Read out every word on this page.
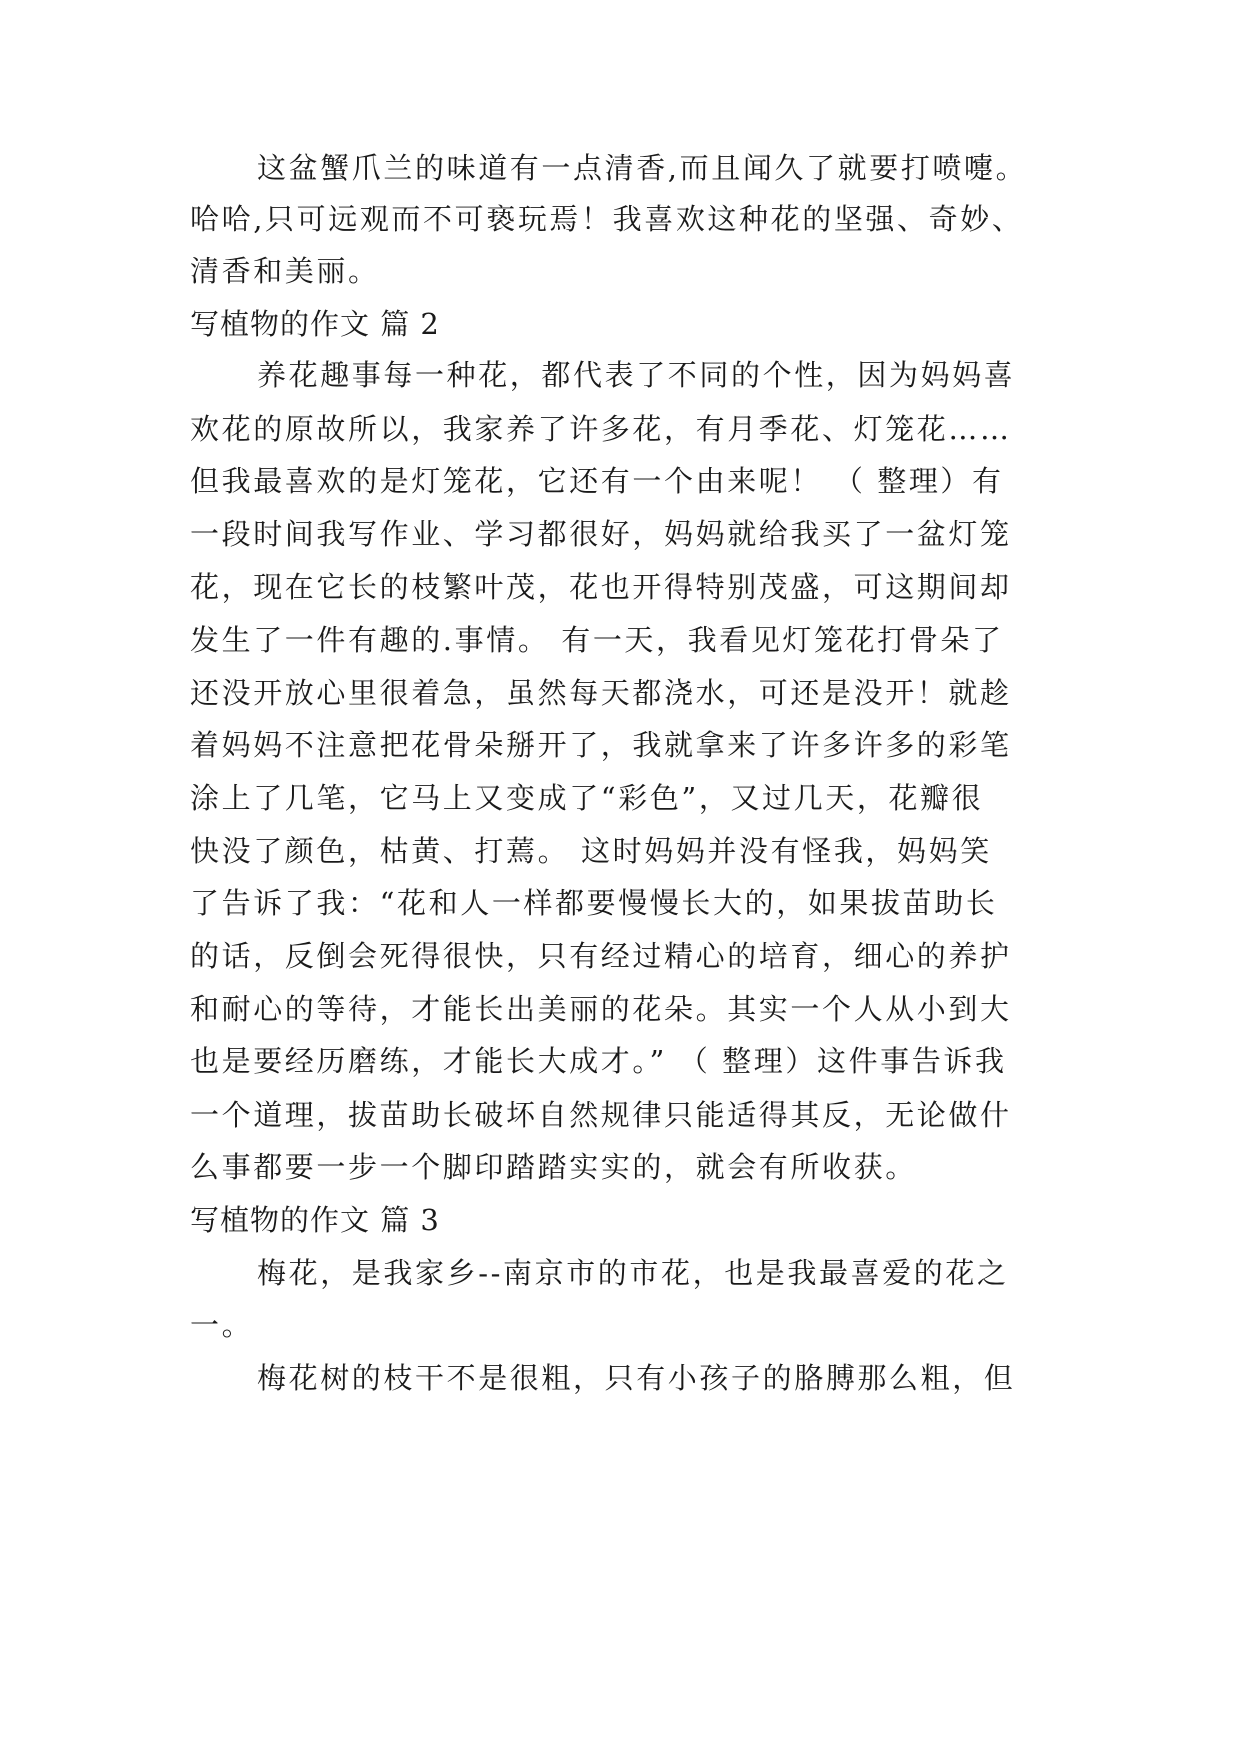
这盆蟹爪兰的味道有一点清香,而且闻久了就要打喷嚏。
哈哈,只可远观而不可亵玩焉！我喜欢这种花的坚强、奇妙、
清香和美丽。
写植物的作文 篇 2
养花趣事每一种花，都代表了不同的个性，因为妈妈喜
欢花的原故所以，我家养了许多花，有月季花、灯笼花……
但我最喜欢的是灯笼花，它还有一个由来呢！ （ 整理）有
一段时间我写作业、学习都很好，妈妈就给我买了一盆灯笼
花，现在它长的枝繁叶茂，花也开得特别茂盛，可这期间却
发生了一件有趣的.事情。 有一天，我看见灯笼花打骨朵了
还没开放心里很着急，虽然每天都浇水，可还是没开！就趁
着妈妈不注意把花骨朵掰开了，我就拿来了许多许多的彩笔
涂上了几笔，它马上又变成了“彩色”，又过几天，花瓣很
快没了颜色，枯黄、打蔫。 这时妈妈并没有怪我，妈妈笑
了告诉了我：“花和人一样都要慢慢长大的，如果拔苗助长
的话，反倒会死得很快，只有经过精心的培育，细心的养护
和耐心的等待，才能长出美丽的花朵。其实一个人从小到大
也是要经历磨练，才能长大成才。” （ 整理）这件事告诉我
一个道理，拔苗助长破坏自然规律只能适得其反，无论做什
么事都要一步一个脚印踏踏实实的，就会有所收获。
写植物的作文 篇 3
梅花，是我家乡--南京市的市花，也是我最喜爱的花之
一。
梅花树的枝干不是很粗，只有小孩子的胳膊那么粗，但
